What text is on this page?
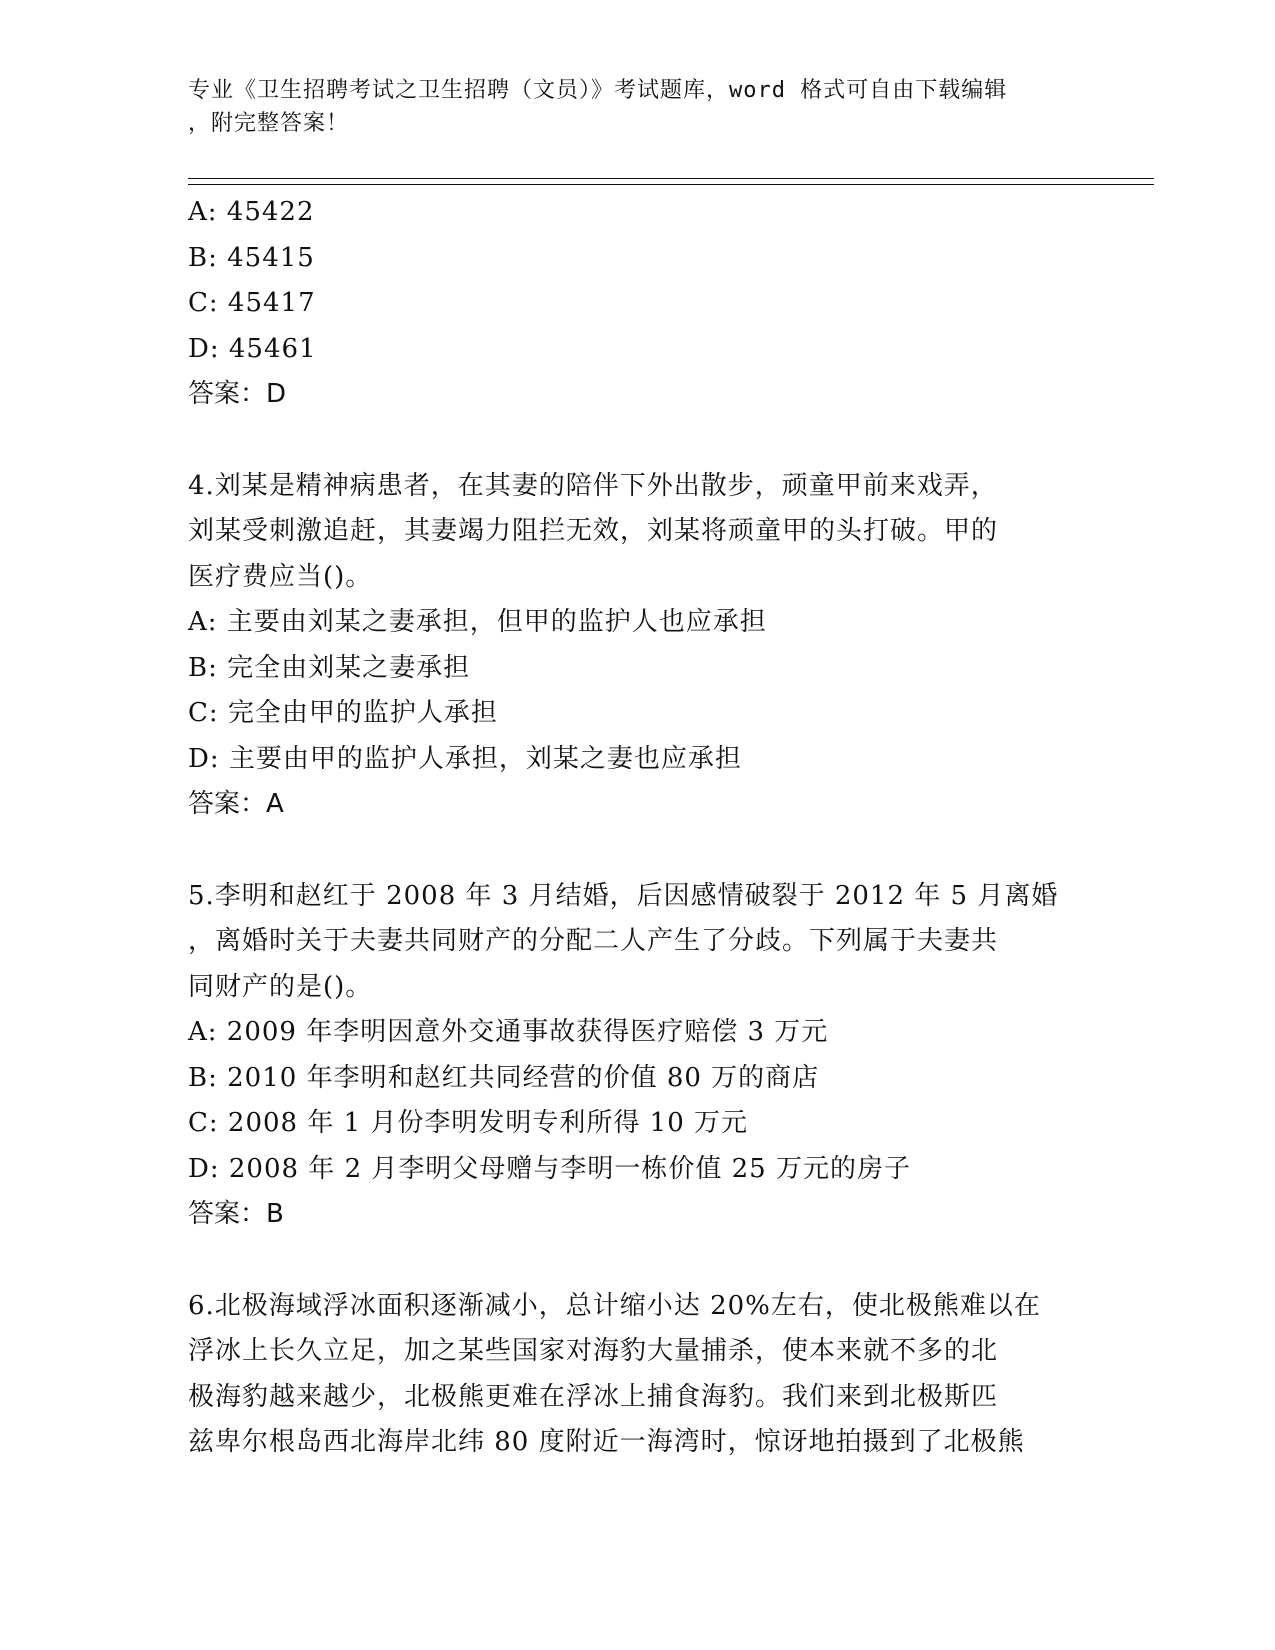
专业《卫生招聘考试之卫生招聘（文员）》考试题库，word 格式可自由下载编辑
，附完整答案！
A: 45422
B: 45415
C: 45417
D: 45461
答案：D
4.刘某是精神病患者，在其妻的陪伴下外出散步，顽童甲前来戏弄，
刘某受刺激追赶，其妻竭力阻拦无效，刘某将顽童甲的头打破。甲的
医疗费应当()。
A: 主要由刘某之妻承担，但甲的监护人也应承担
B: 完全由刘某之妻承担
C: 完全由甲的监护人承担
D: 主要由甲的监护人承担，刘某之妻也应承担
答案：A
5.李明和赵红于 2008 年 3 月结婚，后因感情破裂于 2012 年 5 月离婚
，离婚时关于夫妻共同财产的分配二人产生了分歧。下列属于夫妻共
同财产的是()。
A: 2009 年李明因意外交通事故获得医疗赔偿 3 万元
B: 2010 年李明和赵红共同经营的价值 80 万的商店
C: 2008 年 1 月份李明发明专利所得 10 万元
D: 2008 年 2 月李明父母赠与李明一栋价值 25 万元的房子
答案：B
6.北极海域浮冰面积逐渐减小，总计缩小达 20%左右，使北极熊难以在
浮冰上长久立足，加之某些国家对海豹大量捕杀，使本来就不多的北
极海豹越来越少，北极熊更难在浮冰上捕食海豹。我们来到北极斯匹
兹卑尔根岛西北海岸北纬 80 度附近一海湾时，惊讶地拍摄到了北极熊
